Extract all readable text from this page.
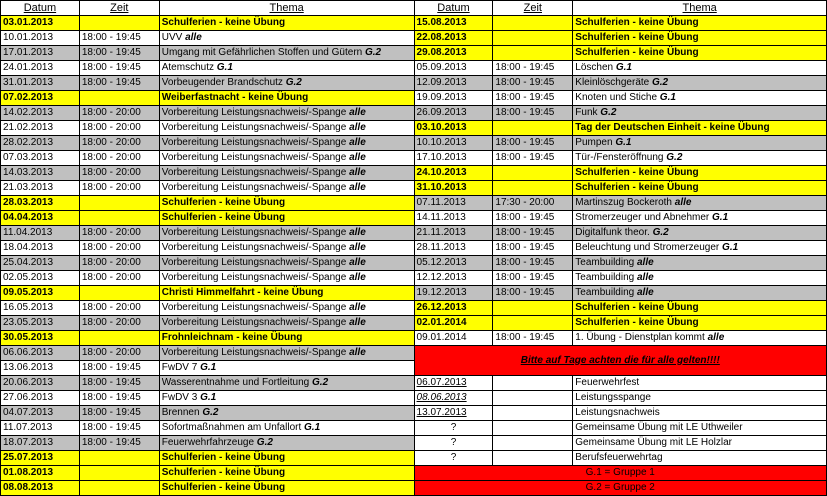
Datum	Zeit	Thema	Datum	Zeit	Thema
03.01.2013		Schulferien - keine Übung	15.08.2013		Schulferien - keine Übung
10.01.2013	18:00 - 19:45	UVV alle	22.08.2013		Schulferien - keine Übung
17.01.2013	18:00 - 19:45	Umgang mit Gefährlichen Stoffen und Gütern G.2	29.08.2013		Schulferien - keine Übung
24.01.2013	18:00 - 19:45	Atemschutz G.1	05.09.2013	18:00 - 19:45	Löschen G.1
31.01.2013	18:00 - 19:45	Vorbeugender Brandschutz G.2	12.09.2013	18:00 - 19:45	Kleinlöschgeräte G.2
07.02.2013		Weiberfastnacht - keine Übung	19.09.2013	18:00 - 19:45	Knoten und Stiche G.1
14.02.2013	18:00 - 20:00	Vorbereitung Leistungsnachweis/-Spange alle	26.09.2013	18:00 - 19:45	Funk G.2
21.02.2013	18:00 - 20:00	Vorbereitung Leistungsnachweis/-Spange alle	03.10.2013		Tag der Deutschen Einheit - keine Übung
28.02.2013	18:00 - 20:00	Vorbereitung Leistungsnachweis/-Spange alle	10.10.2013	18:00 - 19:45	Pumpen G.1
07.03.2013	18:00 - 20:00	Vorbereitung Leistungsnachweis/-Spange alle	17.10.2013	18:00 - 19:45	Tür-/Fensteröffnung G.2
14.03.2013	18:00 - 20:00	Vorbereitung Leistungsnachweis/-Spange alle	24.10.2013		Schulferien - keine Übung
21.03.2013	18:00 - 20:00	Vorbereitung Leistungsnachweis/-Spange alle	31.10.2013		Schulferien - keine Übung
28.03.2013		Schulferien - keine Übung	07.11.2013	17:30 - 20:00	Martinszug Bockeroth alle
04.04.2013		Schulferien - keine Übung	14.11.2013	18:00 - 19:45	Stromerzeuger und Abnehmer G.1
11.04.2013	18:00 - 20:00	Vorbereitung Leistungsnachweis/-Spange alle	21.11.2013	18:00 - 19:45	Digitalfunk theor. G.2
18.04.2013	18:00 - 20:00	Vorbereitung Leistungsnachweis/-Spange alle	28.11.2013	18:00 - 19:45	Beleuchtung und Stromerzeuger G.1
25.04.2013	18:00 - 20:00	Vorbereitung Leistungsnachweis/-Spange alle	05.12.2013	18:00 - 19:45	Teambuilding alle
02.05.2013	18:00 - 20:00	Vorbereitung Leistungsnachweis/-Spange alle	12.12.2013	18:00 - 19:45	Teambuilding alle
09.05.2013		Christi Himmelfahrt - keine Übung	19.12.2013	18:00 - 19:45	Teambuilding alle
16.05.2013	18:00 - 20:00	Vorbereitung Leistungsnachweis/-Spange alle	26.12.2013		Schulferien - keine Übung
23.05.2013	18:00 - 20:00	Vorbereitung Leistungsnachweis/-Spange alle	02.01.2014		Schulferien - keine Übung
30.05.2013		Frohnleichnam - keine Übung	09.01.2014	18:00 - 19:45	1. Übung - Dienstplan kommt alle
06.06.2013	18:00 - 20:00	Vorbereitung Leistungsnachweis/-Spange alle	Bitte auf Tage achten die für alle gelten!!!!		
13.06.2013	18:00 - 19:45	FwDV 7 G.1			
20.06.2013	18:00 - 19:45	Wasserentnahme und Fortleitung G.2	06.07.2013		Feuerwehrfest
27.06.2013	18:00 - 19:45	FwDV 3 G.1	08.06.2013		Leistungsspange
04.07.2013	18:00 - 19:45	Brennen G.2	13.07.2013		Leistungsnachweis
11.07.2013	18:00 - 19:45	Sofortmaßnahmen am Unfallort G.1	?		Gemeinsame Übung mit LE Uthweiler
18.07.2013	18:00 - 19:45	Feuerwehrfahrzeuge G.2	?		Gemeinsame Übung mit LE Holzlar
25.07.2013		Schulferien - keine Übung	?		Berufsfeuerwehrtag
01.08.2013		Schulferien - keine Übung	G.1 = Gruppe 1		
08.08.2013		Schulferien - keine Übung	G.2 = Gruppe 2		
